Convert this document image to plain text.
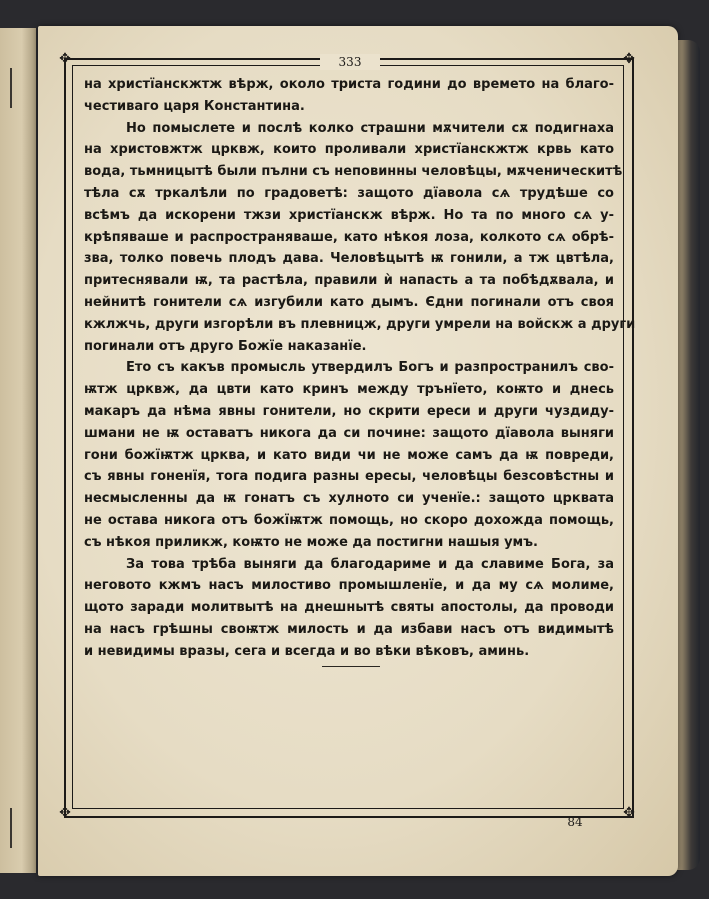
✥	✥
✥	✥
333
на христїанскжтж вѣрж, около триста години до времето на благо-
честиваго царя Константина.
Но помыслете и послѣ колко страшни мѫчители сѫ подигнаха
на христовжтж црквж, които проливали христїанскжтж крвь като
вода, тьмницытѣ были пълни съ неповинны человѣцы, мѫченическитѣ
тѣла сѫ тркалѣли по градоветѣ: защото дїавола сѧ трудѣше со
всѣмъ да искорени тжзи христїанскж вѣрж. Но та по много сѧ у-
крѣпяваше и распространяваше, като нѣкоя лоза, колкото сѧ обрѣ-
зва, толко повечь плодъ дава. Человѣцытѣ ѭ гонили, а тж цвтѣла,
притеснявали ѭ, та растѣла, правили ѝ напасть а та побѣдѫвала, и
нейнитѣ гонители сѧ изгубили като дымъ. Єдни погинали отъ своя
кжлжчь, други изгорѣли въ плевницж, други умрели на войскж а други
погинали отъ другo Божїе наказанїе.
Ето съ какъв промысль утвердилъ Богъ и разпространилъ сво-
ѭтж црквж, да цвти като кринъ между трънїето, коѭто и днесь
макаръ да нѣма явны гонители, но скрити ереси и други чуздиду-
шмани не ѭ оставатъ никога да си почине: защото дїавола выняги
гони божїѭтж црква, и като види чи не може самъ да ѭ повреди,
съ явны гоненїя, тога подига разны ересы, человѣцы безсовѣстны и
несмысленны да ѭ гонатъ съ хулното си ученїе.: защото црквата
не остава никога отъ божїѭтж помощь, но скоро дохождa помощь,
съ нѣкоя приликж, коѭто не може да постигни нашыя умъ.
За това трѣба выняги да благодариме и да славиме Бога, за
неговото кжмъ насъ милостиво промышленїе, и да му сѧ молиме,
щото заради молитвытѣ на днешнытѣ святы апостолы, да проводи
на насъ грѣшны своѭтж милость и да избави насъ отъ видимытѣ
и невидимы вразы, сега и всегда и во вѣки вѣковъ, аминь.
84
